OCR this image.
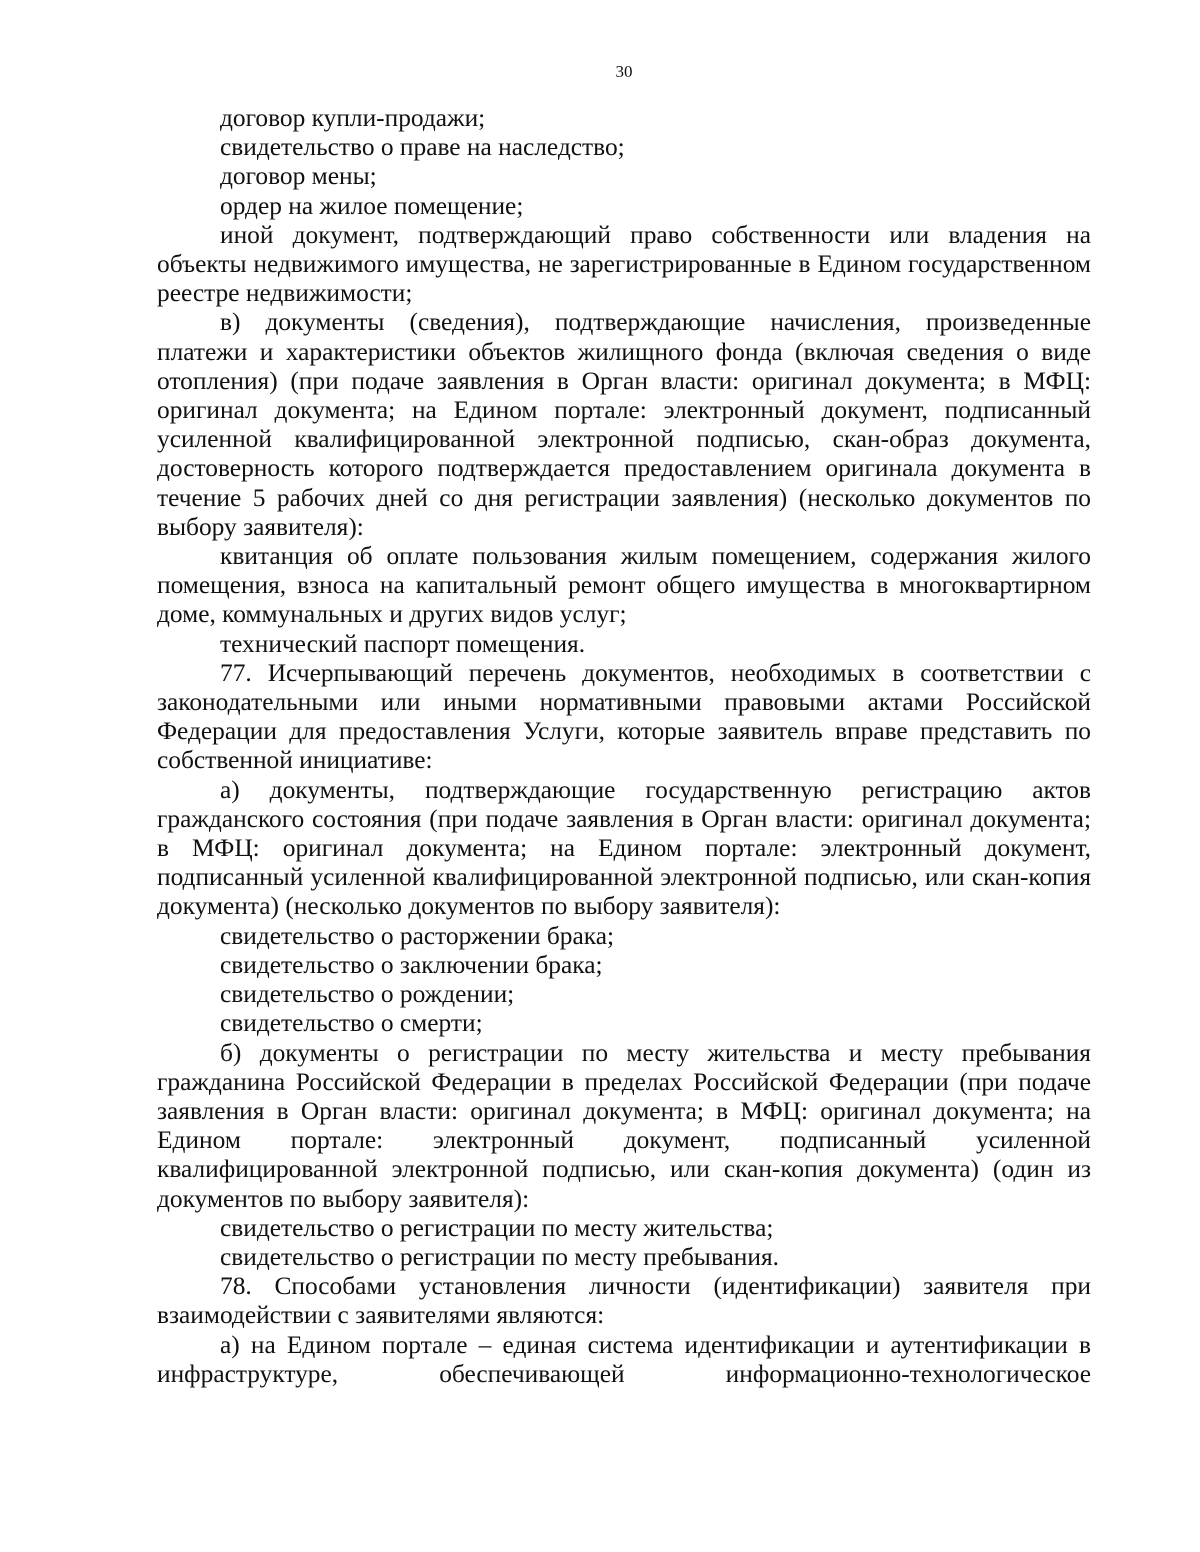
30

договор купли-продажи;

свидетельство о праве на наследство;

договор мены;

ордер на жилое помещение;

иной документ, подтверждающий право собственности или владения на объекты недвижимого имущества, не зарегистрированные в Едином государственном реестре недвижимости;

в) документы (сведения), подтверждающие начисления, произведенные платежи и характеристики объектов жилищного фонда (включая сведения о виде отопления) (при подаче заявления в Орган власти: оригинал документа; в МФЦ: оригинал документа; на Едином портале: электронный документ, подписанный усиленной квалифицированной электронной подписью, скан-образ документа, достоверность которого подтверждается предоставлением оригинала документа в течение 5 рабочих дней со дня регистрации заявления) (несколько документов по выбору заявителя):

квитанция об оплате пользования жилым помещением, содержания жилого помещения, взноса на капитальный ремонт общего имущества в многоквартирном доме, коммунальных и других видов услуг;

технический паспорт помещения.

77. Исчерпывающий перечень документов, необходимых в соответствии с законодательными или иными нормативными правовыми актами Российской Федерации для предоставления Услуги, которые заявитель вправе представить по собственной инициативе:

а) документы, подтверждающие государственную регистрацию актов гражданского состояния (при подаче заявления в Орган власти: оригинал документа; в МФЦ: оригинал документа; на Едином портале: электронный документ, подписанный усиленной квалифицированной электронной подписью, или скан-копия документа) (несколько документов по выбору заявителя):

свидетельство о расторжении брака;

свидетельство о заключении брака;

свидетельство о рождении;

свидетельство о смерти;

б) документы о регистрации по месту жительства и месту пребывания гражданина Российской Федерации в пределах Российской Федерации (при подаче заявления в Орган власти: оригинал документа; в МФЦ: оригинал документа; на Едином портале: электронный документ, подписанный усиленной квалифицированной электронной подписью, или скан-копия документа) (один из документов по выбору заявителя):

свидетельство о регистрации по месту жительства;

свидетельство о регистрации по месту пребывания.

78. Способами установления личности (идентификации) заявителя при взаимодействии с заявителями являются:

а) на Едином портале – единая система идентификации и аутентификации в инфраструктуре, обеспечивающей информационно-технологическое
